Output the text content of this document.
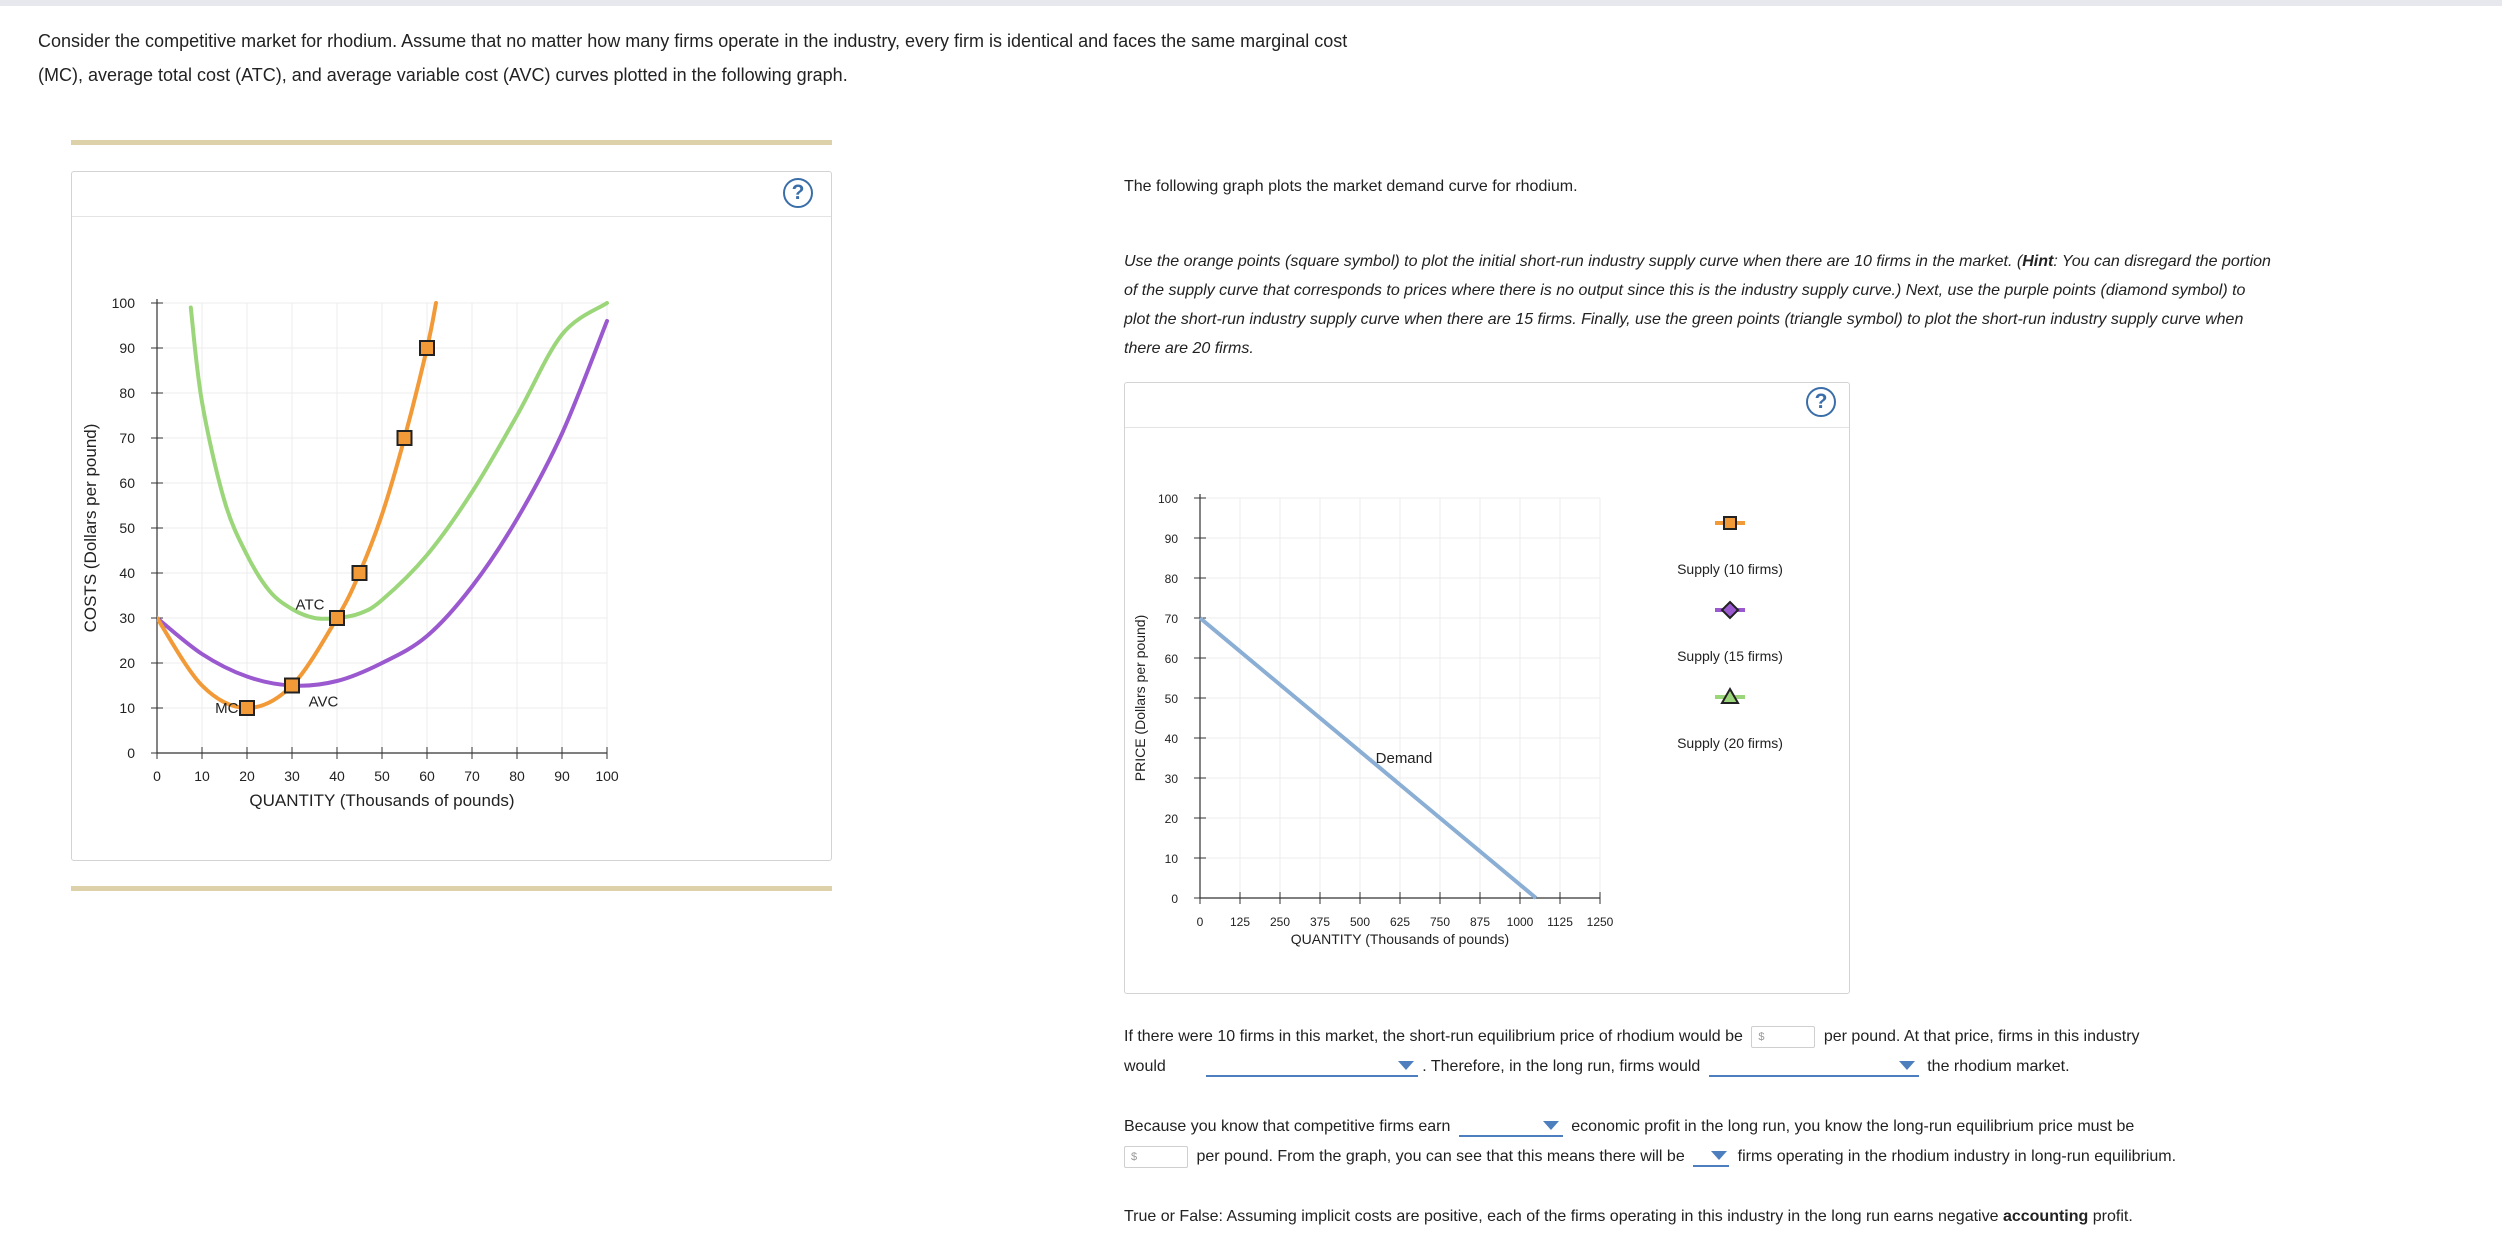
Consider the competitive market for rhodium. Assume that no matter how many firms operate in the industry, every firm is identical and faces the same marginal cost (MC), average total cost (ATC), and average variable cost (AVC) curves plotted in the following graph.
?
0
10
20
30
40
50
60
70
80
90
100
0 10 20 30 40 50 60 70 80 90 100
QUANTITY (Thousands of pounds)
COSTS (Dollars per pound)
MC
ATC
AVC
The following graph plots the market demand curve for rhodium.
Use the orange points (square symbol) to plot the initial short-run industry supply curve when there are 10 firms in the market. (Hint: You can disregard the portion of the supply curve that corresponds to prices where there is no output since this is the industry supply curve.) Next, use the purple points (diamond symbol) to plot the short-run industry supply curve when there are 15 firms. Finally, use the green points (triangle symbol) to plot the short-run industry supply curve when there are 20 firms.
?
0
10
20
30
40
50
60
70
80
90
100
0 125 250 375 500 625 750 875 1000 1125 1250
QUANTITY (Thousands of pounds)
PRICE (Dollars per pound)	Demand
Supply (10 firms)
Supply (15 firms)
Supply (20 firms)
If there were 10 firms in this market, the short-run equilibrium price of rhodium would be $	per pound. At that price, firms in this industry
would	. Therefore, in the long run, firms would	the rhodium market.
Because you know that competitive firms earn	economic profit in the long run, you know the long-run equilibrium price must be
$	per pound. From the graph, you can see that this means there will be	firms operating in the rhodium industry in long-run equilibrium.
True or False: Assuming implicit costs are positive, each of the firms operating in this industry in the long run earns negative accounting profit.
